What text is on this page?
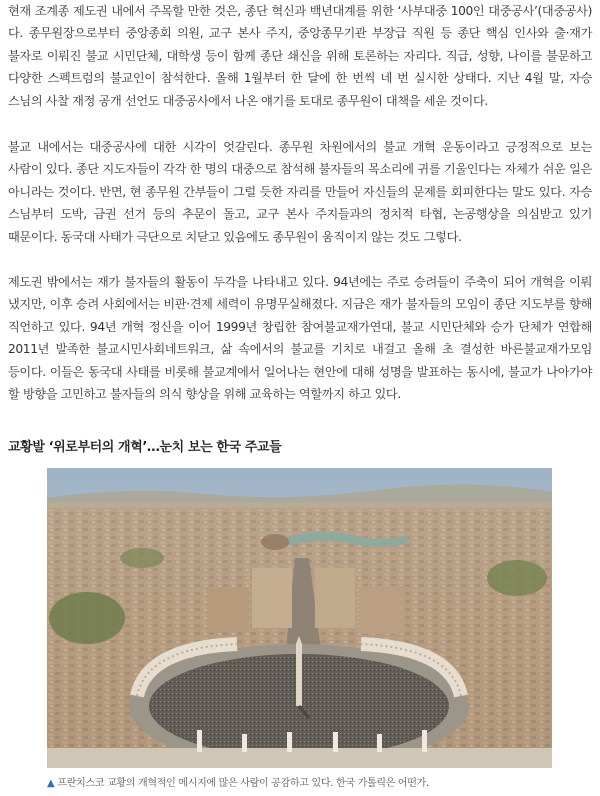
현재 조계종 제도권 내에서 주목할 만한 것은, 종단 혁신과 백년대계를 위한 ‘사부대중 100인 대중공사’(대중공사)다. 종무원장으로부터 중앙종회 의원, 교구 본사 주지, 중앙종무기관 부장급 직원 등 종단 핵심 인사와 출·재가 불자로 이뤄진 불교 시민단체, 대학생 등이 함께 종단 쇄신을 위해 토론하는 자리다. 직급, 성향, 나이를 불문하고 다양한 스펙트럼의 불교인이 참석한다. 올해 1월부터 한 달에 한 번씩 네 번 실시한 상태다. 지난 4월 말, 자승 스님의 사찰 재정 공개 선언도 대중공사에서 나온 얘기를 토대로 종무원이 대책을 세운 것이다.

불교 내에서는 대중공사에 대한 시각이 엇갈린다. 종무원 차원에서의 불교 개혁 운동이라고 긍정적으로 보는 사람이 있다. 종단 지도자들이 각각 한 명의 대중으로 참석해 불자들의 목소리에 귀를 기울인다는 자체가 쉬운 일은 아니라는 것이다. 반면, 현 종무원 간부들이 그럴 듯한 자리를 만들어 자신들의 문제를 회피한다는 말도 있다. 자승 스님부터 도박, 금권 선거 등의 추문이 돌고, 교구 본사 주지들과의 정치적 타협, 논공행상을 의심받고 있기 때문이다. 동국대 사태가 극단으로 치닫고 있음에도 종무원이 움직이지 않는 것도 그렇다.

제도권 밖에서는 재가 불자들의 활동이 두각을 나타내고 있다. 94년에는 주로 승려들이 주축이 되어 개혁을 이뤄 냈지만, 이후 승려 사회에서는 비판·견제 세력이 유명무실해졌다. 지금은 재가 불자들의 모임이 종단 지도부를 향해 직언하고 있다. 94년 개혁 정신을 이어 1999년 창립한 참여불교재가연대, 불교 시민단체와 승가 단체가 연합해 2011년 발족한 불교시민사회네트워크, 삶 속에서의 불교를 기치로 내걸고 올해 초 결성한 바른불교재가모임 등이다. 이들은 동국대 사태를 비롯해 불교계에서 일어나는 현안에 대해 성명을 발표하는 동시에, 불교가 나아가야 할 방향을 고민하고 불자들의 의식 향상을 위해 교육하는 역할까지 하고 있다.

교황발 ‘위로부터의 개혁’…눈치 보는 한국 주교들

▲ 프란치스코 교황의 개혁적인 메시지에 많은 사람이 공감하고 있다. 한국 가톨릭은 어떤가.
